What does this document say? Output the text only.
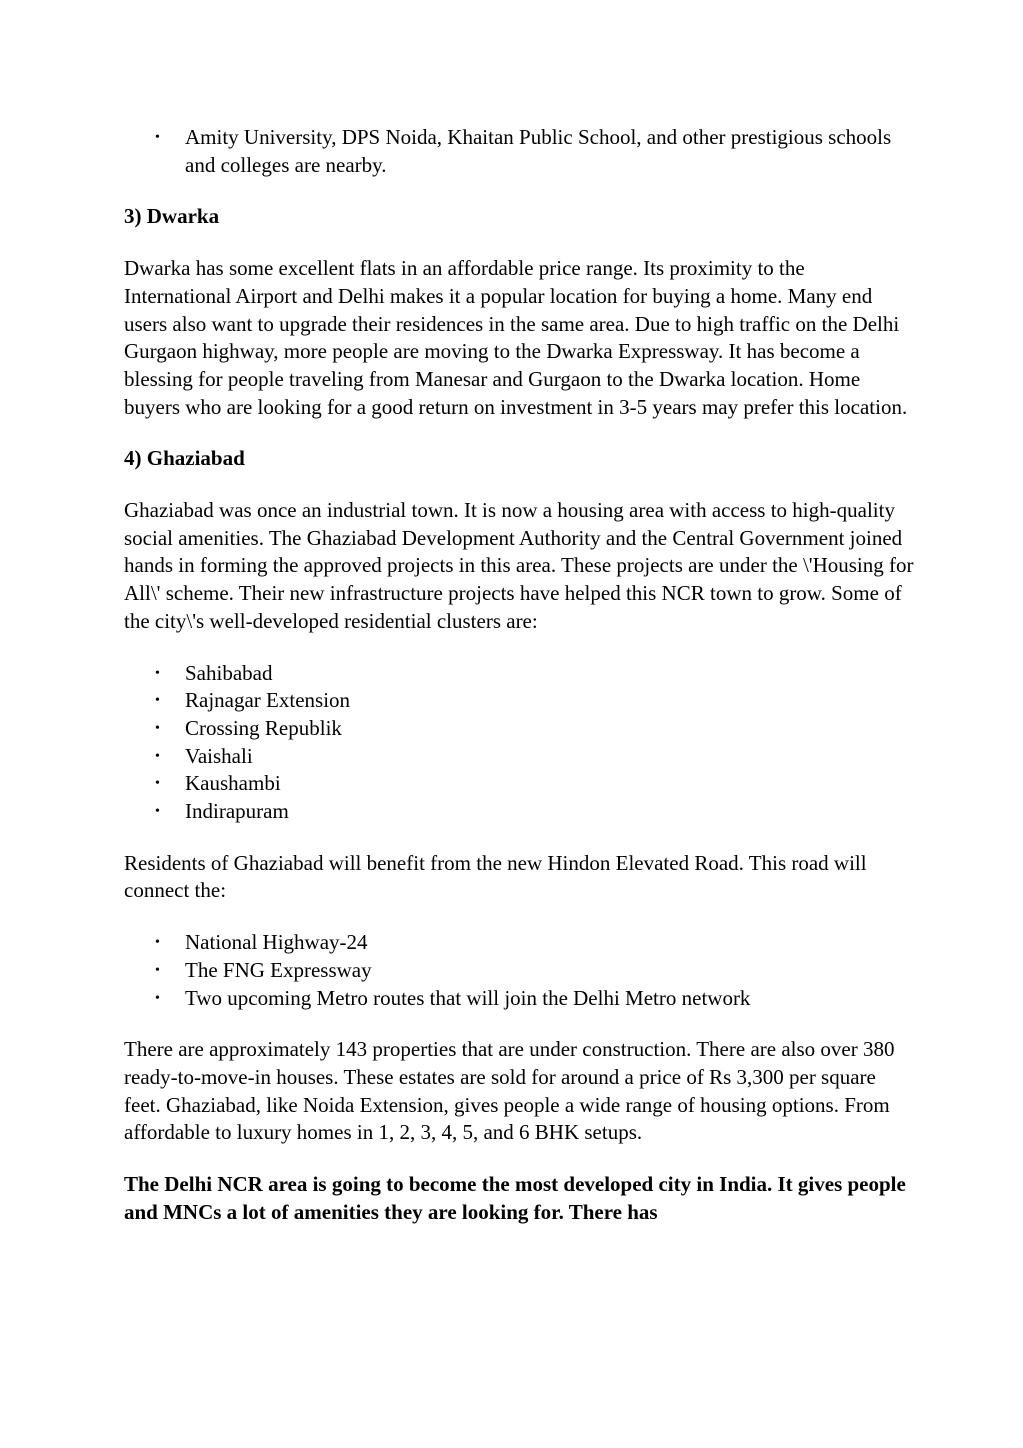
• Amity University, DPS Noida, Khaitan Public School, and other prestigious schools and colleges are nearby.
3) Dwarka

Dwarka has some excellent flats in an affordable price range. Its proximity to the International Airport and Delhi makes it a popular location for buying a home. Many end users also want to upgrade their residences in the same area. Due to high traffic on the Delhi Gurgaon highway, more people are moving to the Dwarka Expressway. It has become a blessing for people traveling from Manesar and Gurgaon to the Dwarka location. Home buyers who are looking for a good return on investment in 3-5 years may prefer this location.

4) Ghaziabad

Ghaziabad was once an industrial town. It is now a housing area with access to high-quality social amenities. The Ghaziabad Development Authority and the Central Government joined hands in forming the approved projects in this area. These projects are under the \'Housing for All\' scheme. Their new infrastructure projects have helped this NCR town to grow. Some of the city\'s well-developed residential clusters are:

• Sahibabad
• Rajnagar Extension
• Crossing Republik
• Vaishali
• Kaushambi
• Indirapuram

Residents of Ghaziabad will benefit from the new Hindon Elevated Road. This road will connect the:

• National Highway-24
• The FNG Expressway
• Two upcoming Metro routes that will join the Delhi Metro network

There are approximately 143 properties that are under construction. There are also over 380 ready-to-move-in houses. These estates are sold for around a price of Rs 3,300 per square feet. Ghaziabad, like Noida Extension, gives people a wide range of housing options. From affordable to luxury homes in 1, 2, 3, 4, 5, and 6 BHK setups.

The Delhi NCR area is going to become the most developed city in India. It gives people and MNCs a lot of amenities they are looking for. There has
